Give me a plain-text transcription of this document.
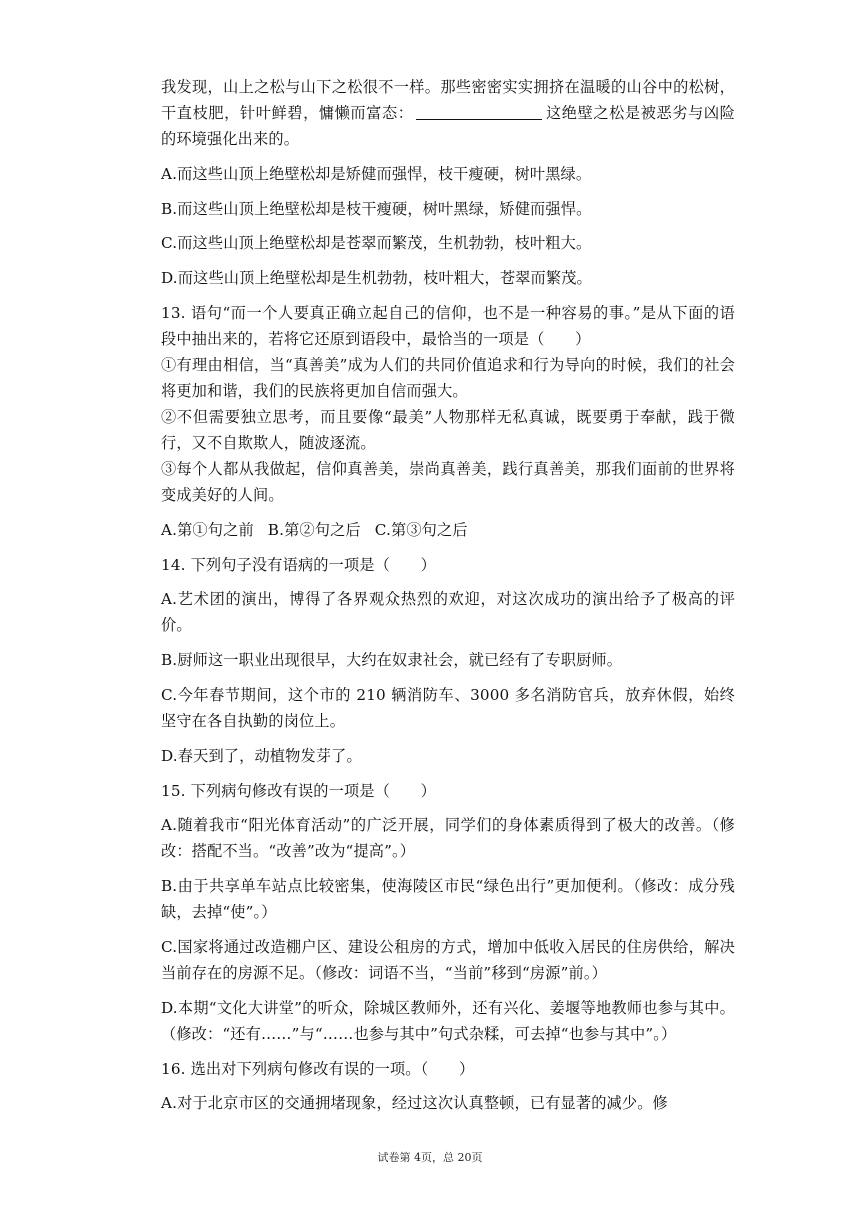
我发现，山上之松与山下之松很不一样。那些密密实实拥挤在温暖的山谷中的松树，干直枝肥，针叶鲜碧，慵懒而富态：	这绝壁之松是被恶劣与凶险的环境强化出来的。

A.而这些山顶上绝壁松却是矫健而强悍，枝干瘦硬，树叶黑绿。

B.而这些山顶上绝壁松却是枝干瘦硬，树叶黑绿，矫健而强悍。

C.而这些山顶上绝壁松却是苍翠而繁茂，生机勃勃，枝叶粗大。

D.而这些山顶上绝壁松却是生机勃勃，枝叶粗大，苍翠而繁茂。

13. 语句“而一个人要真正确立起自己的信仰，也不是一种容易的事。”是从下面的语段中抽出来的，若将它还原到语段中，最恰当的一项是（　　）

①有理由相信，当“真善美”成为人们的共同价值追求和行为导向的时候，我们的社会将更加和谐，我们的民族将更加自信而强大。

②不但需要独立思考，而且要像“最美”人物那样无私真诚，既要勇于奉献，践于微行，又不自欺欺人，随波逐流。

③每个人都从我做起，信仰真善美，崇尚真善美，践行真善美，那我们面前的世界将变成美好的人间。

A.第①句之前 B.第②句之后 C.第③句之后

14. 下列句子没有语病的一项是（　　）

A.艺术团的演出，博得了各界观众热烈的欢迎，对这次成功的演出给予了极高的评价。

B.厨师这一职业出现很早，大约在奴隶社会，就已经有了专职厨师。

C.今年春节期间，这个市的 210 辆消防车、3000 多名消防官兵，放弃休假，始终坚守在各自执勤的岗位上。

D.春天到了，动植物发芽了。

15. 下列病句修改有误的一项是（　　）

A.随着我市“阳光体育活动”的广泛开展，同学们的身体素质得到了极大的改善。（修改：搭配不当。“改善”改为“提高”。）

B.由于共享单车站点比较密集，使海陵区市民“绿色出行”更加便利。（修改：成分残缺，去掉“使”。）

C.国家将通过改造棚户区、建设公租房的方式，增加中低收入居民的住房供给，解决当前存在的房源不足。（修改：词语不当，“当前”移到“房源”前。）

D.本期“文化大讲堂”的听众，除城区教师外，还有兴化、姜堰等地教师也参与其中。（修改：“还有……”与“……也参与其中”句式杂糅，可去掉“也参与其中”。）

16. 选出对下列病句修改有误的一项。（　　）

A.对于北京市区的交通拥堵现象，经过这次认真整顿，已有显著的减少。修

试卷第 4页，总 20页
